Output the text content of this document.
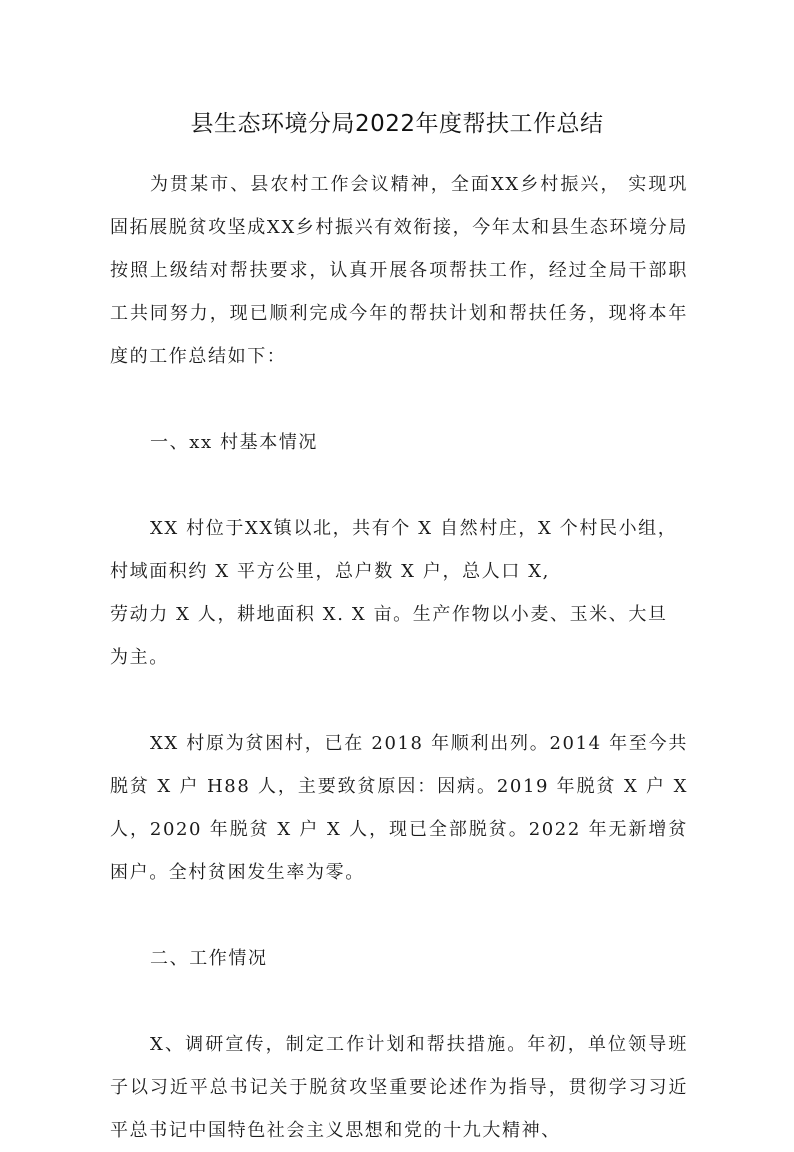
县生态环境分局2022年度帮扶工作总结

为贯某市、县农村工作会议精神，全面XX乡村振兴， 实现巩固拓展脱贫攻坚成XX乡村振兴有效衔接，今年太和县生态环境分局按照上级结对帮扶要求，认真开展各项帮扶工作，经过全局干部职工共同努力，现已顺利完成今年的帮扶计划和帮扶任务，现将本年度的工作总结如下：

一、xx 村基本情况

XX 村位于XX镇以北，共有个 X 自然村庄，X 个村民小组，
村域面积约 X 平方公里，总户数 X 户，总人口 X,
劳动力 X 人，耕地面积 X. X 亩。生产作物以小麦、玉米、大旦
为主。

XX 村原为贫困村，已在 2018 年顺利出列。2014 年至今共脱贫 X 户 H88 人，主要致贫原因：因病。2019 年脱贫 X 户 X 人，2020 年脱贫 X 户 X 人，现已全部脱贫。2022 年无新增贫困户。全村贫困发生率为零。

二、工作情况

X、调研宣传，制定工作计划和帮扶措施。年初，单位领导班子以习近平总书记关于脱贫攻坚重要论述作为指导，贯彻学习习近平总书记中国特色社会主义思想和党的十九大精神、
